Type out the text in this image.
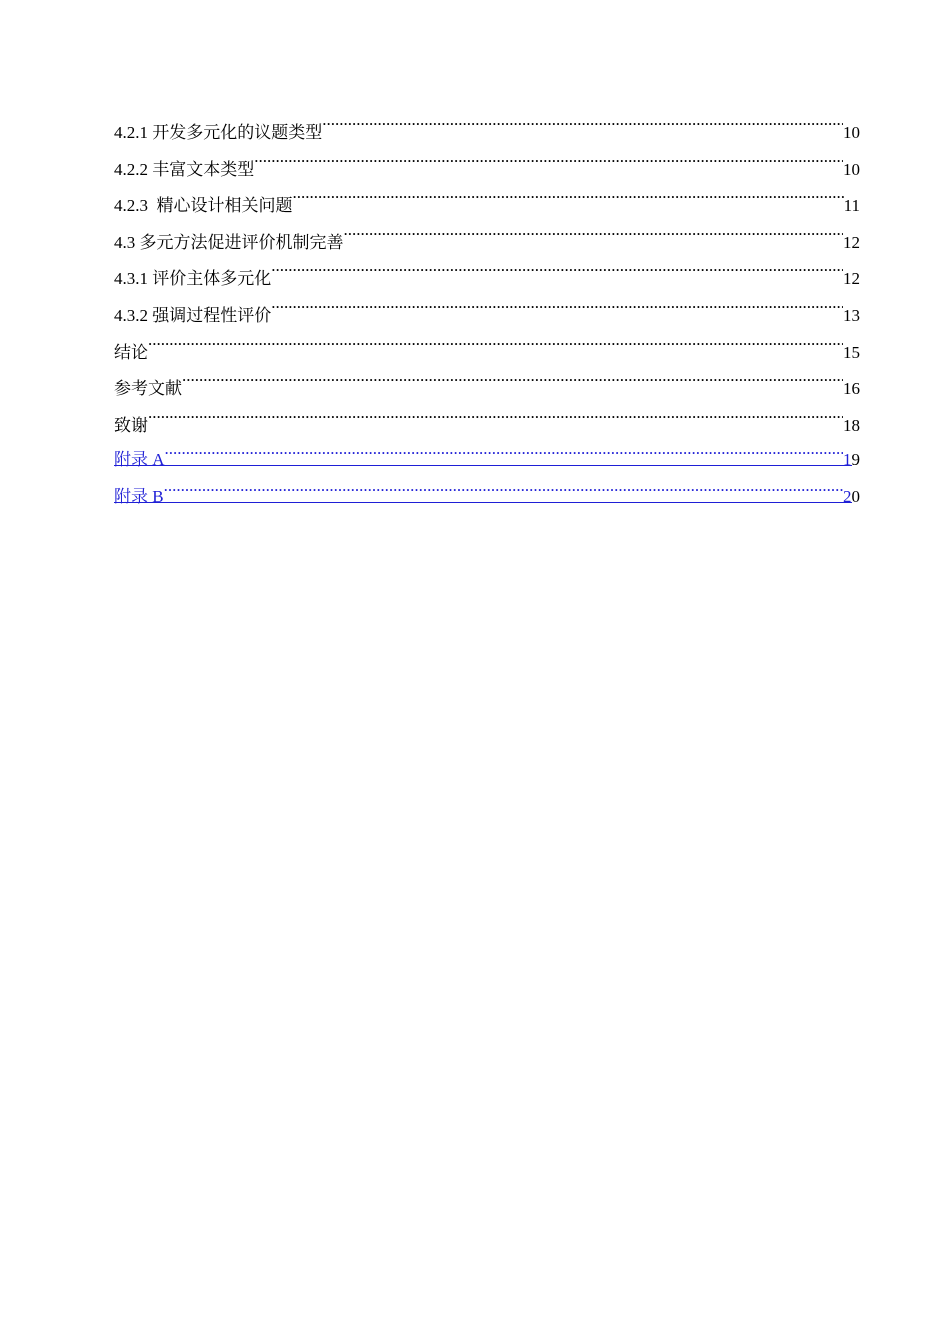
4.2.1 开发多元化的议题类型 .....	10
4.2.2 丰富文本类型 .....	10
4.2.3  精心设计相关问题 .....	11
4.3 多元方法促进评价机制完善 .....	12
4.3.1 评价主体多元化 .....	12
4.3.2 强调过程性评价 .....	13
结论 .....	15
参考文献 .....	16
致谢 .....	18
附录 A .....	1 9
附录 B .....	2 0
